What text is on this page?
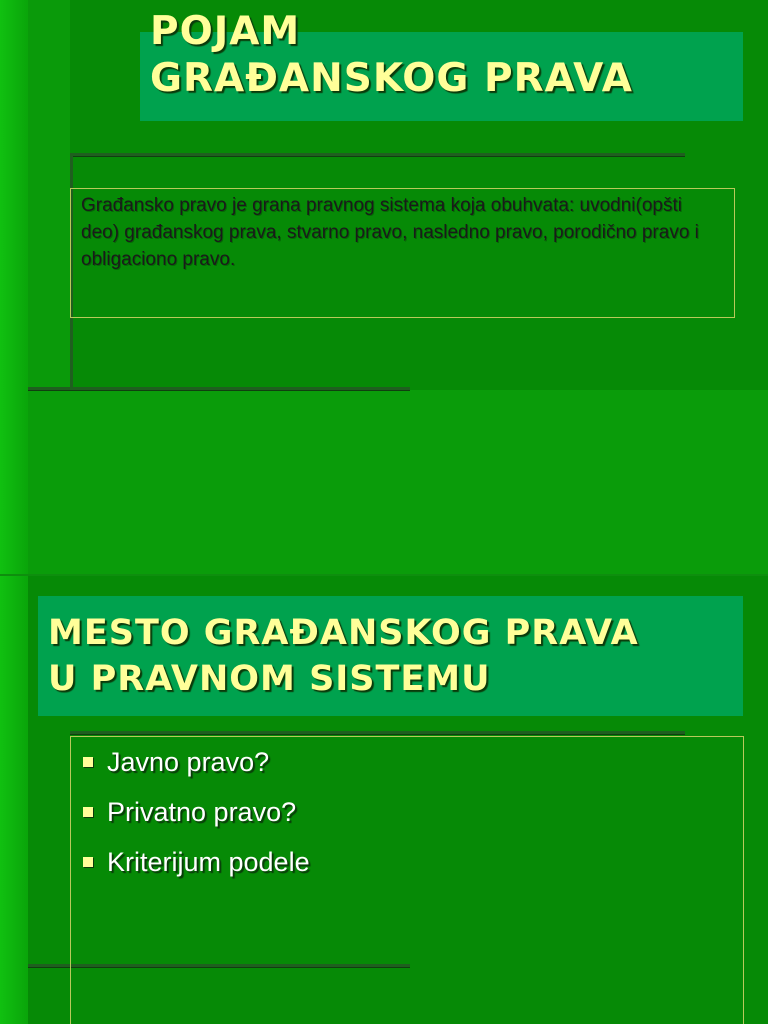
POJAM
GRAĐANSKOG PRAVA

Građansko pravo je grana pravnog sistema koja obuhvata: uvodni(opšti deo) građanskog prava, stvarno pravo, nasledno pravo, porodično pravo i obligaciono pravo.

MESTO GRAĐANSKOG PRAVA
U PRAVNOM SISTEMU
Javno pravo?
Privatno pravo?
Kriterijum podele
